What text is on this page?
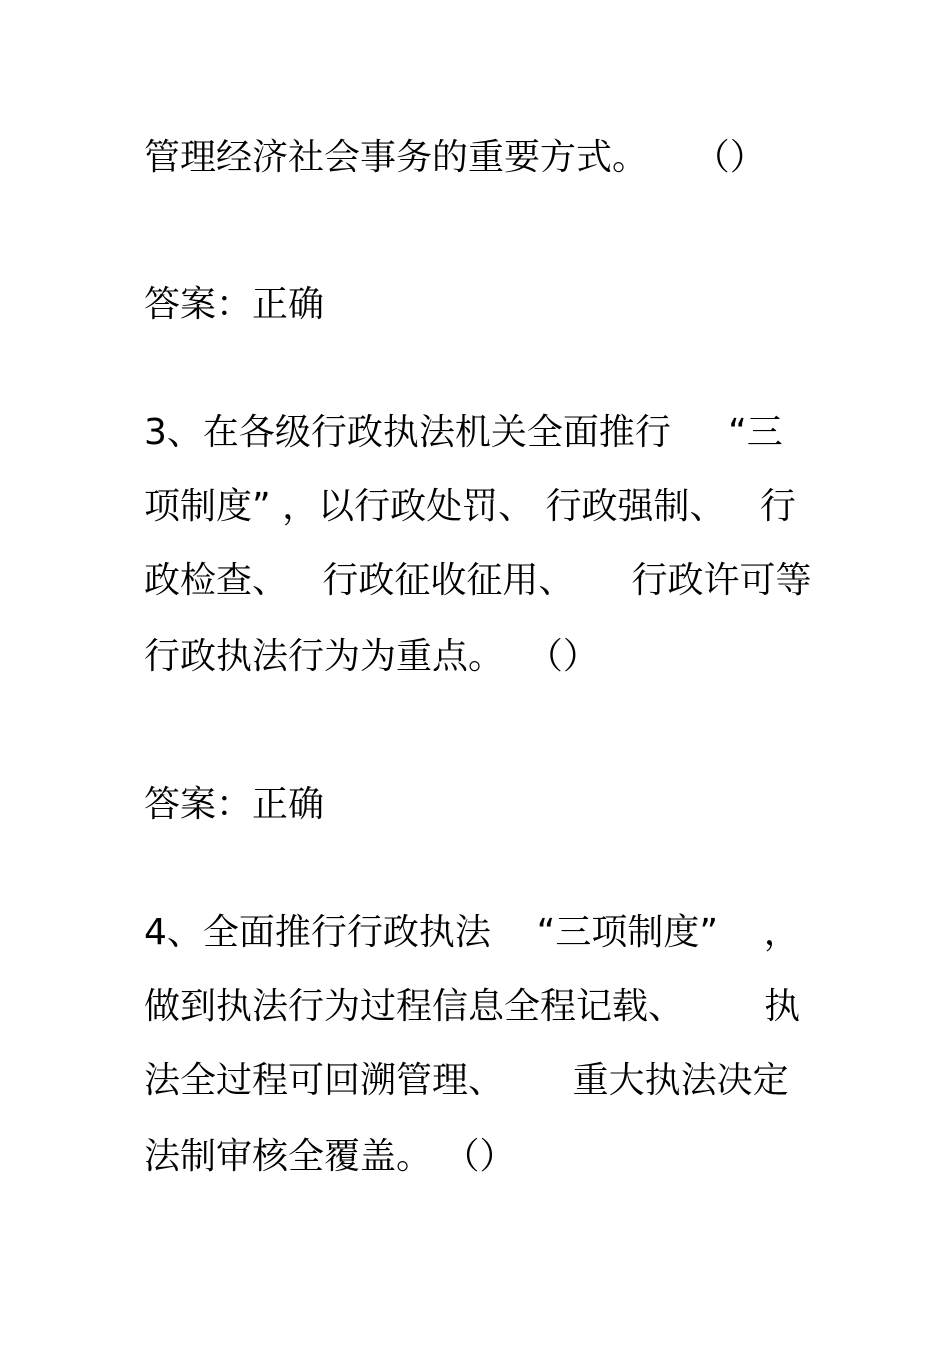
管理经济社会事务的重要方式。    （）

答案：正确

3、在各级行政执法机关全面推行     “三

项制度” ，以行政处罚、 行政强制、   行

政检查、   行政征收征用、     行政许可等

行政执法行为为重点。  （）

答案：正确

4、全面推行行政执法    “三项制度”    ，

做到执法行为过程信息全程记载、       执

法全过程可回溯管理、      重大执法决定

法制审核全覆盖。 （）
